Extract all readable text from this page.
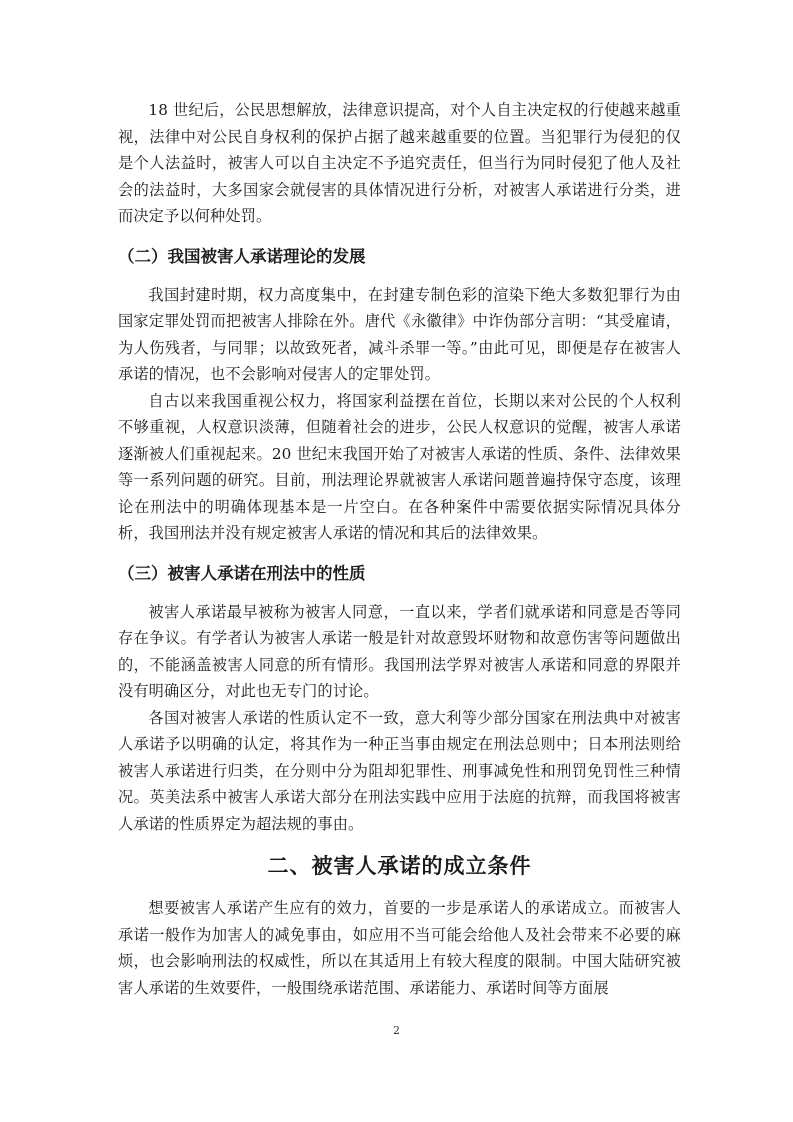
18 世纪后，公民思想解放，法律意识提高，对个人自主决定权的行使越来越重视，法律中对公民自身权利的保护占据了越来越重要的位置。当犯罪行为侵犯的仅是个人法益时，被害人可以自主决定不予追究责任，但当行为同时侵犯了他人及社会的法益时，大多国家会就侵害的具体情况进行分析，对被害人承诺进行分类，进而决定予以何种处罚。

（二）我国被害人承诺理论的发展

我国封建时期，权力高度集中，在封建专制色彩的渲染下绝大多数犯罪行为由国家定罪处罚而把被害人排除在外。唐代《永徽律》中诈伪部分言明：“其受雇请，为人伤残者，与同罪；以故致死者，减斗杀罪一等。”由此可见，即便是存在被害人承诺的情况，也不会影响对侵害人的定罪处罚。

自古以来我国重视公权力，将国家利益摆在首位，长期以来对公民的个人权利不够重视，人权意识淡薄，但随着社会的进步，公民人权意识的觉醒，被害人承诺逐渐被人们重视起来。20 世纪末我国开始了对被害人承诺的性质、条件、法律效果等一系列问题的研究。目前，刑法理论界就被害人承诺问题普遍持保守态度，该理论在刑法中的明确体现基本是一片空白。在各种案件中需要依据实际情况具体分析，我国刑法并没有规定被害人承诺的情况和其后的法律效果。

（三）被害人承诺在刑法中的性质

被害人承诺最早被称为被害人同意，一直以来，学者们就承诺和同意是否等同存在争议。有学者认为被害人承诺一般是针对故意毁坏财物和故意伤害等问题做出的，不能涵盖被害人同意的所有情形。我国刑法学界对被害人承诺和同意的界限并没有明确区分，对此也无专门的讨论。

各国对被害人承诺的性质认定不一致，意大利等少部分国家在刑法典中对被害人承诺予以明确的认定，将其作为一种正当事由规定在刑法总则中；日本刑法则给被害人承诺进行归类，在分则中分为阻却犯罪性、刑事减免性和刑罚免罚性三种情况。英美法系中被害人承诺大部分在刑法实践中应用于法庭的抗辩，而我国将被害人承诺的性质界定为超法规的事由。

二、被害人承诺的成立条件

想要被害人承诺产生应有的效力，首要的一步是承诺人的承诺成立。而被害人承诺一般作为加害人的减免事由，如应用不当可能会给他人及社会带来不必要的麻烦，也会影响刑法的权威性，所以在其适用上有较大程度的限制。中国大陆研究被害人承诺的生效要件，一般围绕承诺范围、承诺能力、承诺时间等方面展

2
